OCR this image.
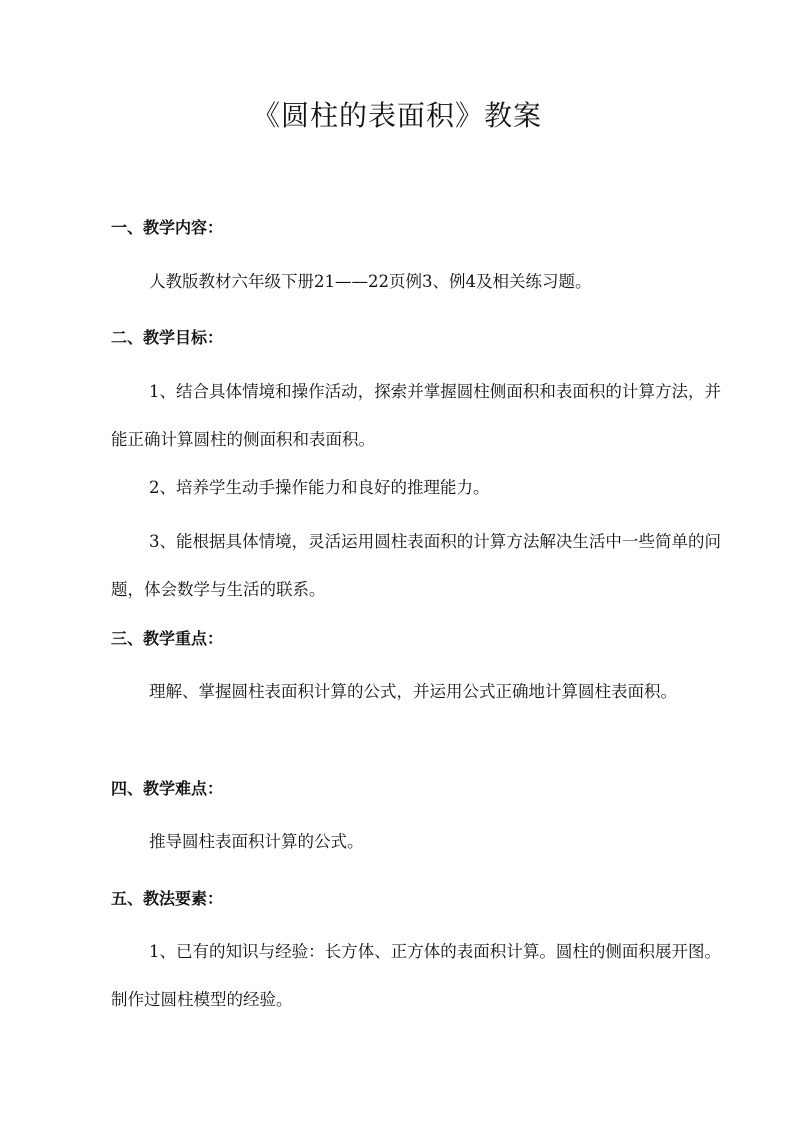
《圆柱的表面积》教案
一、教学内容：

人教版教材六年级下册21——22页例3、例4及相关练习题。

二、教学目标：

1、结合具体情境和操作活动，探索并掌握圆柱侧面积和表面积的计算方法，并能正确计算圆柱的侧面积和表面积。

2、培养学生动手操作能力和良好的推理能力。

3、能根据具体情境，灵活运用圆柱表面积的计算方法解决生活中一些简单的问题，体会数学与生活的联系。

三、教学重点：

理解、掌握圆柱表面积计算的公式，并运用公式正确地计算圆柱表面积。

四、教学难点：

推导圆柱表面积计算的公式。

五、教法要素：

1、已有的知识与经验：长方体、正方体的表面积计算。圆柱的侧面积展开图。制作过圆柱模型的经验。
